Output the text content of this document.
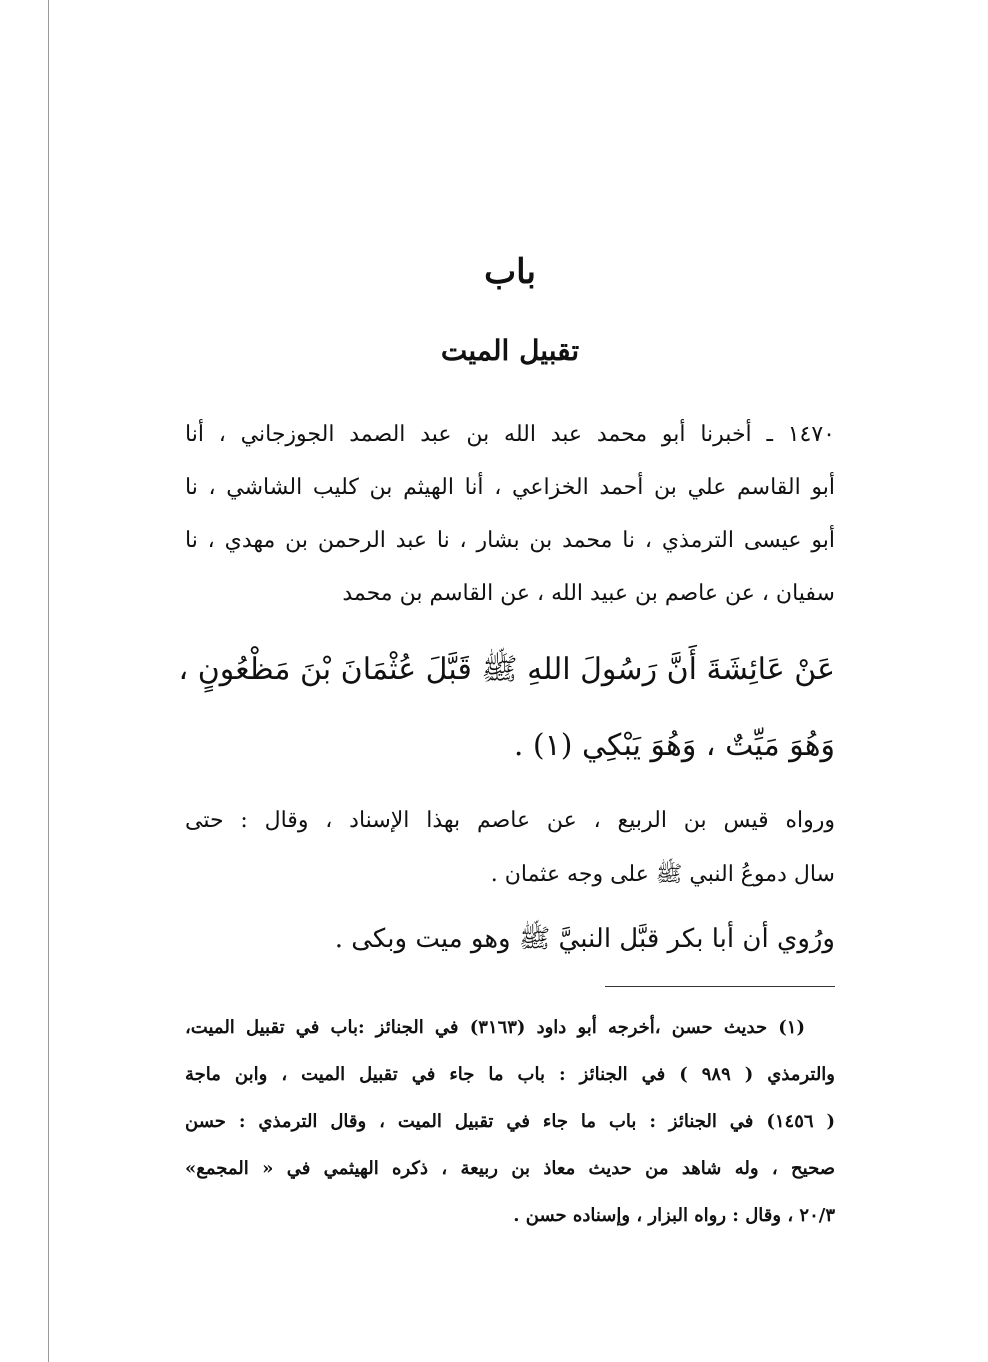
باب
تقبيل الميت
١٤٧٠ ـ أخبرنا أبو محمد عبد الله بن عبد الصمد الجوزجاني ، أنا
أبو القاسم علي بن أحمد الخزاعي ، أنا الهيثم بن كليب الشاشي ، نا
أبو عيسى الترمذي ، نا محمد بن بشار ، نا عبد الرحمن بن مهدي ، نا
سفيان ، عن عاصم بن عبيد الله ، عن القاسم بن محمد
عَنْ عَائِشَةَ أَنَّ رَسُولَ اللهِ ﷺ قَبَّلَ عُثْمَانَ بْنَ مَظْعُونٍ ،
وَهُوَ مَيِّتٌ ، وَهُوَ يَبْكِي (١) .
ورواه قيس بن الربيع ، عن عاصم بهذا الإسناد ، وقال : حتى
سال دموعُ النبي ﷺ على وجه عثمان .
ورُوي أن أبا بكر قبَّل النبيَّ ﷺ وهو ميت وبكى .
(١) حديث حسن ،أخرجه أبو داود (٣١٦٣) في الجنائز :باب في تقبيل الميت،
والترمذي ( ٩٨٩ ) في الجنائز : باب ما جاء في تقبيل الميت ، وابن ماجة
( ١٤٥٦) في الجنائز : باب ما جاء في تقبيل الميت ، وقال الترمذي : حسن
صحيح ، وله شاهد من حديث معاذ بن ربيعة ، ذكره الهيثمي في « المجمع»
٢٠/٣ ، وقال : رواه البزار ، وإسناده حسن .
